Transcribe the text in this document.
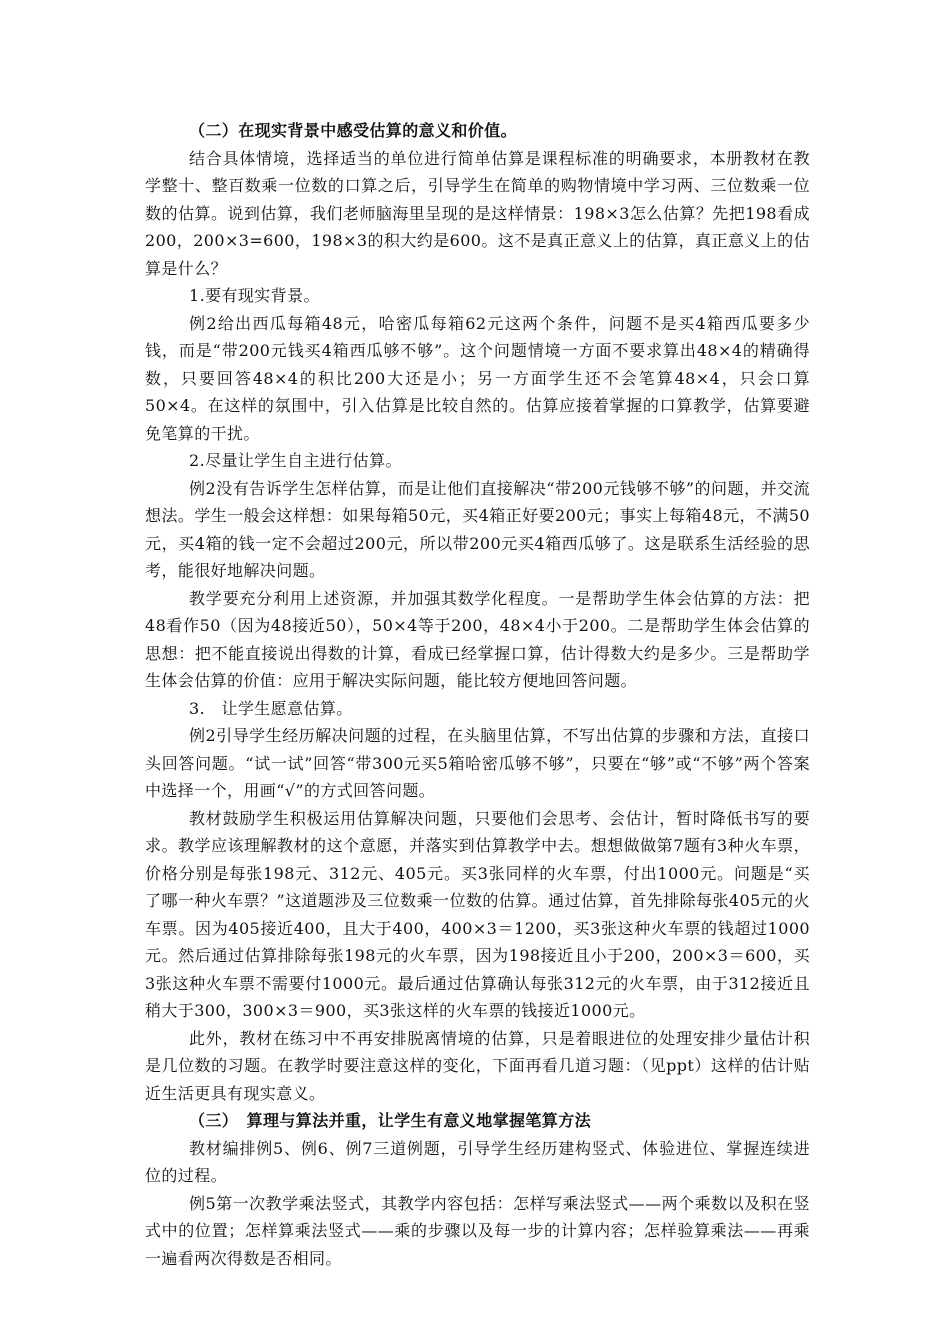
（二）在现实背景中感受估算的意义和价值。

结合具体情境，选择适当的单位进行简单估算是课程标准的明确要求，本册教材在教学整十、整百数乘一位数的口算之后，引导学生在简单的购物情境中学习两、三位数乘一位数的估算。说到估算，我们老师脑海里呈现的是这样情景：198×3怎么估算？先把198看成200，200×3=600，198×3的积大约是600。这不是真正意义上的估算，真正意义上的估算是什么？

1.要有现实背景。

例2给出西瓜每箱48元，哈密瓜每箱62元这两个条件，问题不是买4箱西瓜要多少钱，而是“带200元钱买4箱西瓜够不够”。这个问题情境一方面不要求算出48×4的精确得数，只要回答48×4的积比200大还是小；另一方面学生还不会笔算48×4，只会口算50×4。在这样的氛围中，引入估算是比较自然的。估算应接着掌握的口算教学，估算要避免笔算的干扰。

2.尽量让学生自主进行估算。

例2没有告诉学生怎样估算，而是让他们直接解决“带200元钱够不够”的问题，并交流想法。学生一般会这样想：如果每箱50元，买4箱正好要200元；事实上每箱48元，不满50元，买4箱的钱一定不会超过200元，所以带200元买4箱西瓜够了。这是联系生活经验的思考，能很好地解决问题。

教学要充分利用上述资源，并加强其数学化程度。一是帮助学生体会估算的方法：把48看作50（因为48接近50），50×4等于200，48×4小于200。二是帮助学生体会估算的思想：把不能直接说出得数的计算，看成已经掌握口算，估计得数大约是多少。三是帮助学生体会估算的价值：应用于解决实际问题，能比较方便地回答问题。

3.　让学生愿意估算。

例2引导学生经历解决问题的过程，在头脑里估算，不写出估算的步骤和方法，直接口头回答问题。“试一试”回答“带300元买5箱哈密瓜够不够”，只要在“够”或“不够”两个答案中选择一个，用画“√”的方式回答问题。

教材鼓励学生积极运用估算解决问题，只要他们会思考、会估计，暂时降低书写的要求。教学应该理解教材的这个意愿，并落实到估算教学中去。想想做做第7题有3种火车票，价格分别是每张198元、312元、405元。买3张同样的火车票，付出1000元。问题是“买了哪一种火车票？”这道题涉及三位数乘一位数的估算。通过估算，首先排除每张405元的火车票。因为405接近400，且大于400，400×3＝1200，买3张这种火车票的钱超过1000元。然后通过估算排除每张198元的火车票，因为198接近且小于200，200×3＝600，买3张这种火车票不需要付1000元。最后通过估算确认每张312元的火车票，由于312接近且稍大于300，300×3＝900，买3张这样的火车票的钱接近1000元。

此外，教材在练习中不再安排脱离情境的估算，只是着眼进位的处理安排少量估计积是几位数的习题。在教学时要注意这样的变化，下面再看几道习题：（见ppt）这样的估计贴近生活更具有现实意义。

（三）　算理与算法并重，让学生有意义地掌握笔算方法

教材编排例5、例6、例7三道例题，引导学生经历建构竖式、体验进位、掌握连续进位的过程。

例5第一次教学乘法竖式，其教学内容包括：怎样写乘法竖式——两个乘数以及积在竖式中的位置；怎样算乘法竖式——乘的步骤以及每一步的计算内容；怎样验算乘法——再乘一遍看两次得数是否相同。
